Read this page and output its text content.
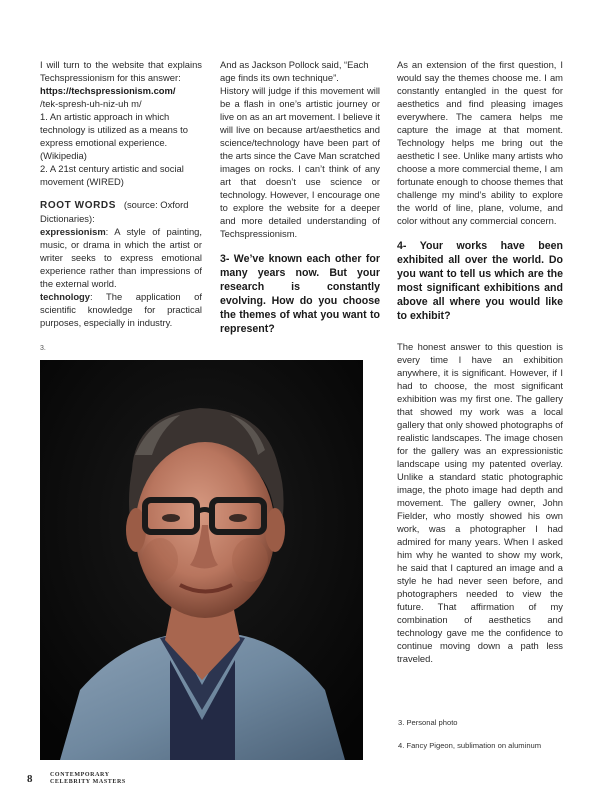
I will turn to the website that explains Techspressionism for this answer:

https://techspressionism.com/

/tek-spresh-uh-niz-uh m/

1. An artistic approach in which technology is utilized as a means to express emotional experience. (Wikipedia)

2. A 21st century artistic and social movement (WIRED)

ROOT WORDS (source: Oxford Dictionaries):

expressionism: A style of painting, music, or drama in which the artist or writer seeks to express emotional experience rather than impressions of the external world.

technology: The application of scientific knowledge for practical purposes, especially in industry.

And as Jackson Pollock said, “Each age finds its own technique”.

History will judge if this movement will be a flash in one’s artistic journey or live on as an art movement. I believe it will live on because art/aesthetics and science/technology have been part of the arts since the Cave Man scratched images on rocks. I can’t think of any art that doesn’t use science or technology. However, I encourage one to explore the website for a deeper and more detailed understanding of Techspressionism.

3- We’ve known each other for many years now. But your research is constantly evolving. How do you choose the themes of what you want to represent?

As an extension of the first question, I would say the themes choose me. I am constantly entangled in the quest for aesthetics and find pleasing images everywhere. The camera helps me capture the image at that moment. Technology helps me bring out the aesthetic I see. Unlike many artists who choose a more commercial theme, I am fortunate enough to choose themes that challenge my mind’s ability to explore the world of line, plane, volume, and color without any commercial concern.

4- Your works have been exhibited all over the world. Do you want to tell us which are the most significant exhibitions and above all where you would like to exhibit?

The honest answer to this question is every time I have an exhibition anywhere, it is significant. However, if I had to choose, the most significant exhibition was my first one. The gallery that showed my work was a local gallery that only showed photographs of realistic landscapes. The image chosen for the gallery was an expressionistic landscape using my patented overlay. Unlike a standard static photographic image, the photo image had depth and movement. The gallery owner, John Fielder, who mostly showed his own work, was a photographer I had admired for many years. When I asked him why he wanted to show my work, he said that I captured an image and a style he had never seen before, and photographers needed to view the future. That affirmation of my combination of aesthetics and technology gave me the confidence to continue moving down a path less traveled.

3.
3. Personal photo
4. Fancy Pigeon, sublimation on aluminum
8	CONTEMPORARY
CELEBRITY MASTERS
